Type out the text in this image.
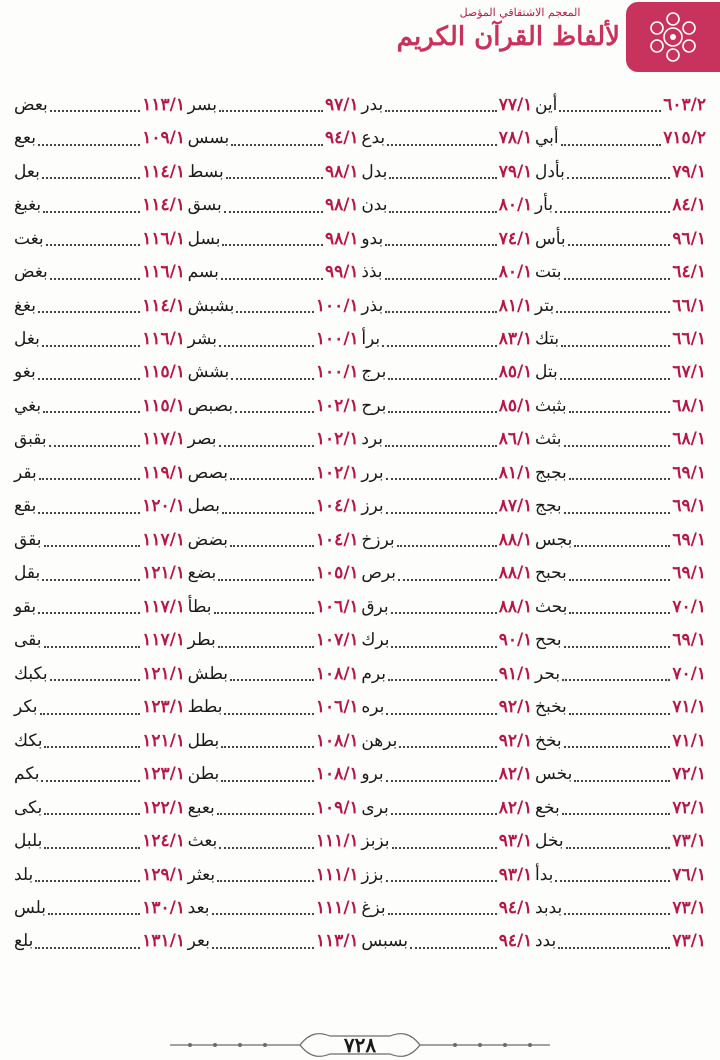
المعجم الاشتقاقي المؤصل
لألفاظ القرآن الكريم
أين	٦٠٣/٢
أبي	٧١٥/٢
بأدل	٧٩/١
بأر	٨٤/١
بأس	٩٦/١
بتت	٦٤/١
بتر	٦٦/١
بتك	٦٦/١
بتل	٦٧/١
بثبث	٦٨/١
بثث	٦٨/١
بجبج	٦٩/١
بجج	٦٩/١
بجس	٦٩/١
بحبح	٦٩/١
بحث	٧٠/١
بحح	٦٩/١
بحر	٧٠/١
بخبخ	٧١/١
بخخ	٧١/١
بخس	٧٢/١
بخع	٧٢/١
بخل	٧٣/١
بدأ	٧٦/١
بدبد	٧٣/١
بدد	٧٣/١
بدر	٧٧/١
بدع	٧٨/١
بدل	٧٩/١
بدن	٨٠/١
بدو	٧٤/١
بذذ	٨٠/١
بذر	٨١/١
برأ	٨٣/١
برج	٨٥/١
برح	٨٥/١
برد	٨٦/١
برر	٨١/١
برز	٨٧/١
برزخ	٨٨/١
برص	٨٨/١
برق	٨٨/١
برك	٩٠/١
برم	٩١/١
بره	٩٢/١
برهن	٩٢/١
برو	٨٢/١
برى	٨٢/١
بزبز	٩٣/١
بزز	٩٣/١
بزغ	٩٤/١
بسبس	٩٤/١
بسر	٩٧/١
بسس	٩٤/١
بسط	٩٨/١
بسق	٩٨/١
بسل	٩٨/١
بسم	٩٩/١
بشبش	١٠٠/١
بشر	١٠٠/١
بشش	١٠٠/١
بصبص	١٠٢/١
بصر	١٠٢/١
بصص	١٠٢/١
بصل	١٠٤/١
بضض	١٠٤/١
بضع	١٠٥/١
بطأ	١٠٦/١
بطر	١٠٧/١
بطش	١٠٨/١
بطط	١٠٦/١
بطل	١٠٨/١
بطن	١٠٨/١
بعبع	١٠٩/١
بعث	١١١/١
بعثر	١١١/١
بعد	١١١/١
بعر	١١٣/١
بعض	١١٣/١
بعع	١٠٩/١
بعل	١١٤/١
بغبغ	١١٤/١
بغت	١١٦/١
بغض	١١٦/١
بغغ	١١٤/١
بغل	١١٦/١
بغو	١١٥/١
بغي	١١٥/١
بقبق	١١٧/١
بقر	١١٩/١
بقع	١٢٠/١
بقق	١١٧/١
بقل	١٢١/١
بقو	١١٧/١
بقى	١١٧/١
بكبك	١٢١/١
بكر	١٢٣/١
بكك	١٢١/١
بكم	١٢٣/١
بكى	١٢٢/١
بلبل	١٢٤/١
بلد	١٢٩/١
بلس	١٣٠/١
بلع	١٣١/١
٧٢٨
